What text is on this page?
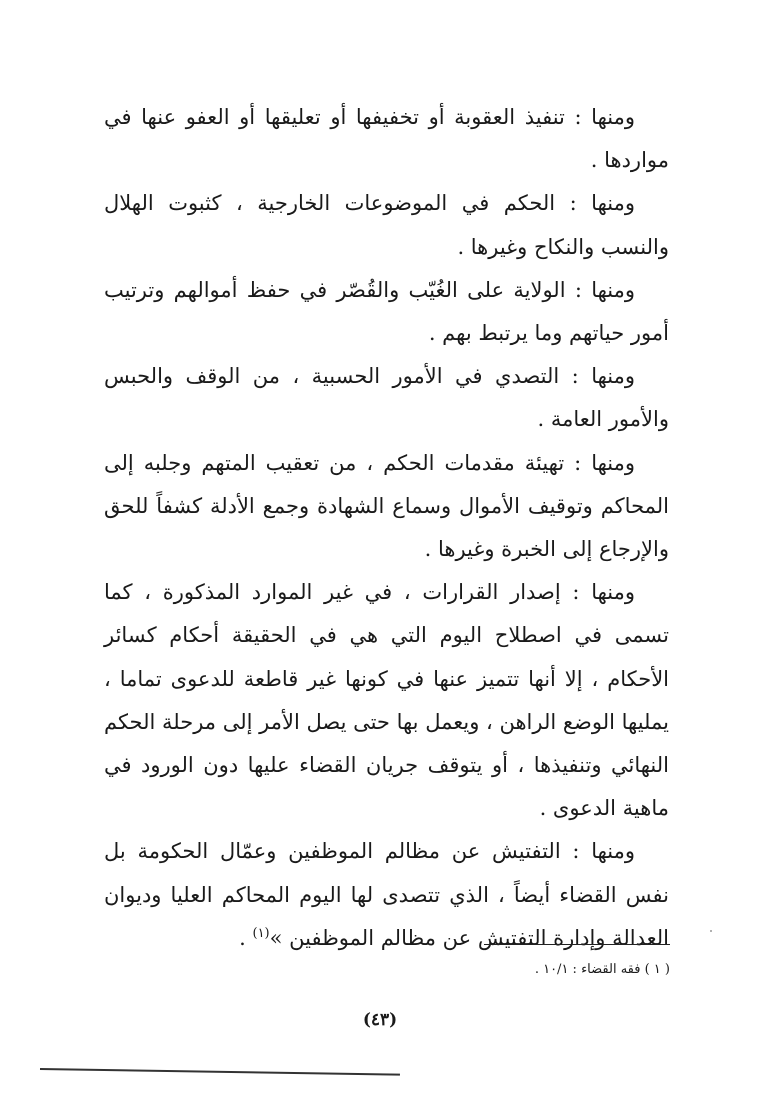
ومنها : تنفيذ العقوبة أو تخفيفها أو تعليقها أو العفو عنها في موار‌دها .

ومنها : الحكم في الموضوعات الخارجية ، كثبوت الهلال والنسب والنكاح وغيرها .

ومنها : الولاية على الغُيّب والقُصّر في حفظ أموالهم وترتيب أمور حياتهم وما يرتبط بهم .

ومنها : التصدي في الأمور الحسبية ، من الوقف والحبس والأمور العامة .

ومنها : تهيئة مقدمات الحكم ، من تعقيب المتهم وجلبه إلى المحاكم وتوقيف الأموال وسماع الشهادة وجمع الأدلة كشفاً للحق والإرجاع إلى الخبرة وغيرها .

ومنها : إصدار القرارات ، في غير الموارد المذكورة ، كما تسمى في اصطلاح اليوم التي هي في الحقيقة أحكام كسائر الأحكام ، إلا أنها تتميز عنها في كونها غير قاطعة للدعوى تماما ، يمليها الوضع الراهن ، ويعمل بها حتى يصل الأمر إلى مرحلة الحكم النهائي وتنفيذها ، أو يتوقف جريان القضاء عليها دون الورود في ماهية الدعوى .

ومنها : التفتيش عن مظالم الموظفين وعمّال الحكومة بل نفس القضاء أيضاً ، الذي تتصدى لها اليوم المحاكم العليا وديوان العدالة وإدارة التفتيش عن مظالم الموظفين »$^{(١)}$ .

( ١ ) فقه القضاء : ١٠/١ .
(٤٣)
